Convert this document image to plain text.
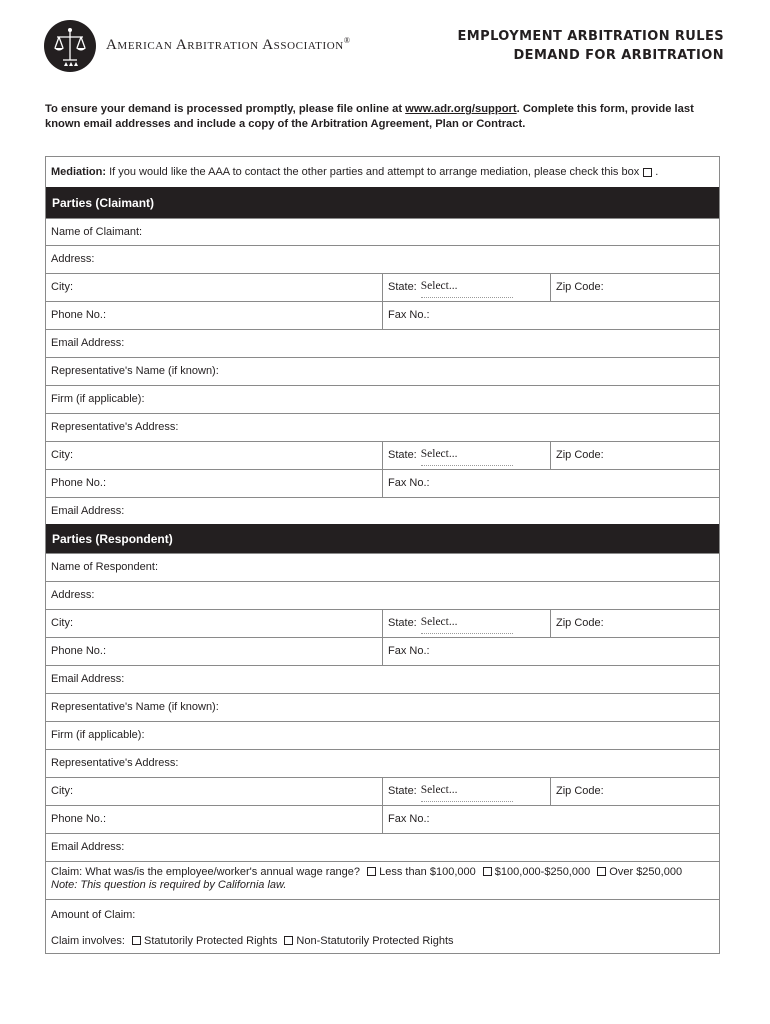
American Arbitration Association®	EMPLOYMENT ARBITRATION RULES
DEMAND FOR ARBITRATION
To ensure your demand is processed promptly, please file online at www.adr.org/support. Complete this form, provide last known email addresses and include a copy of the Arbitration Agreement, Plan or Contract.
Mediation:
If you would like the AAA to contact the other parties and attempt to arrange mediation, please check this box .
Parties (Claimant)
Name of Claimant:
Address:
City:	State: Select...	Zip Code:
Phone No.:	Fax No.:
Email Address:
Representative's Name (if known):
Firm (if applicable):
Representative's Address:
City:	State: Select...	Zip Code:
Phone No.:	Fax No.:
Email Address:
Parties (Respondent)
Name of Respondent:
Address:
City:	State: Select...	Zip Code:
Phone No.:	Fax No.:
Email Address:
Representative's Name (if known):
Firm (if applicable):
Representative's Address:
City:	State: Select...	Zip Code:
Phone No.:	Fax No.:
Email Address:
Claim: What was/is the employee/worker's annual wage range? Less than $100,000 $100,000-$250,000 Over $250,000
Note: This question is required by California law.
Amount of Claim:
Claim involves: Statutorily Protected Rights Non-Statutorily Protected Rights
